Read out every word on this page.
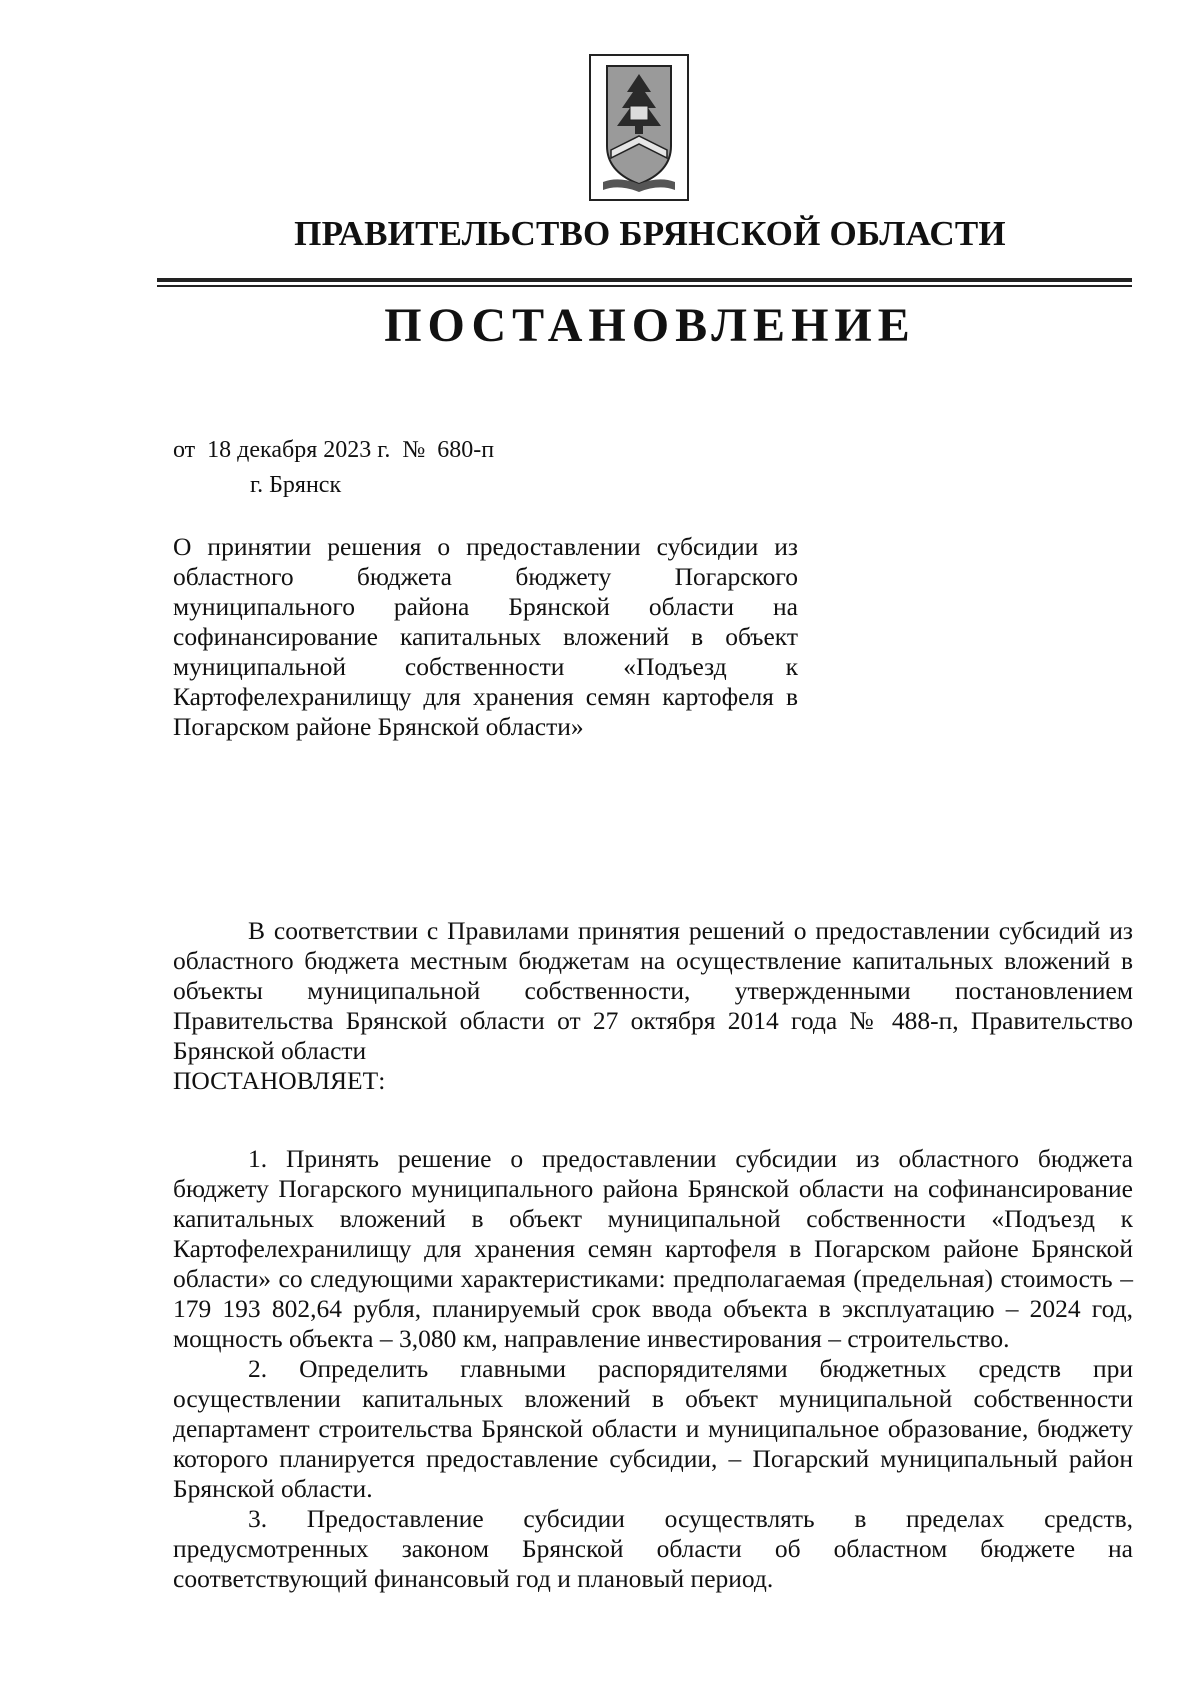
ПРАВИТЕЛЬСТВО БРЯНСКОЙ ОБЛАСТИ
ПОСТАНОВЛЕНИЕ
от  18 декабря 2023 г.  №  680-п
г. Брянск
О принятии решения о предоставлении субсидии из областного бюджета бюджету Погарского муниципального района Брянской области на софинансирование капитальных вложений в объект муниципальной собственности «Подъезд к Картофелехранилищу для хранения семян картофеля в Погарском районе Брянской области»

В соответствии с Правилами принятия решений о предоставлении субсидий из областного бюджета местным бюджетам на осуществление капитальных вложений в объекты муниципальной собственности, утвержденными постановлением Правительства Брянской области от 27 октября 2014 года № 488-п, Правительство Брянской области

ПОСТАНОВЛЯЕТ:

1. Принять решение о предоставлении субсидии из областного бюджета бюджету Погарского муниципального района Брянской области на софинансирование капитальных вложений в объект муниципальной собственности «Подъезд к Картофелехранилищу для хранения семян картофеля в Погарском районе Брянской области» со следующими характеристиками: предполагаемая (предельная) стоимость – 179 193 802,64 рубля, планируемый срок ввода объекта в эксплуатацию – 2024 год, мощность объекта – 3,080 км, направление инвестирования – строительство.

2. Определить главными распорядителями бюджетных средств при осуществлении капитальных вложений в объект муниципальной собственности департамент строительства Брянской области и муниципальное образование, бюджету которого планируется предоставление субсидии, – Погарский муниципальный район Брянской области.

3. Предоставление субсидии осуществлять в пределах средств, предусмотренных законом Брянской области об областном бюджете на соответствующий финансовый год и плановый период.
